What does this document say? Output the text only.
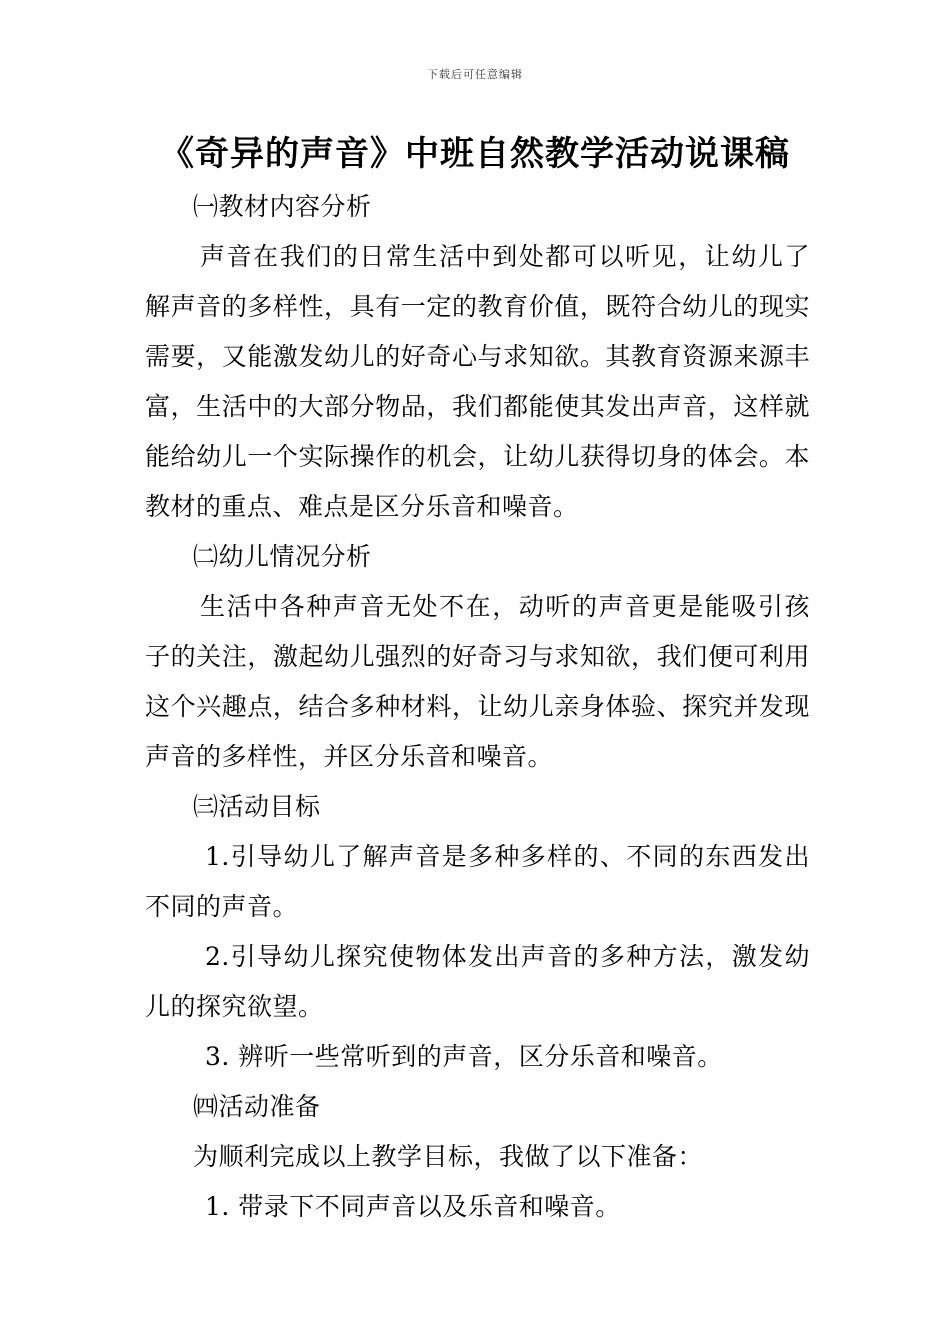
下载后可任意编辑
《奇异的声音》中班自然教学活动说课稿

㈠教材内容分析

声音在我们的日常生活中到处都可以听见，让幼儿了解声音的多样性，具有一定的教育价值，既符合幼儿的现实需要，又能激发幼儿的好奇心与求知欲。其教育资源来源丰富，生活中的大部分物品，我们都能使其发出声音，这样就能给幼儿一个实际操作的机会，让幼儿获得切身的体会。本教材的重点、难点是区分乐音和噪音。

㈡幼儿情况分析

生活中各种声音无处不在，动听的声音更是能吸引孩子的关注，激起幼儿强烈的好奇习与求知欲，我们便可利用这个兴趣点，结合多种材料，让幼儿亲身体验、探究并发现声音的多样性，并区分乐音和噪音。

㈢活动目标

1.引导幼儿了解声音是多种多样的、不同的东西发出不同的声音。

2.引导幼儿探究使物体发出声音的多种方法，激发幼儿的探究欲望。

3. 辨听一些常听到的声音，区分乐音和噪音。

㈣活动准备

为顺利完成以上教学目标，我做了以下准备：

1. 带录下不同声音以及乐音和噪音。
